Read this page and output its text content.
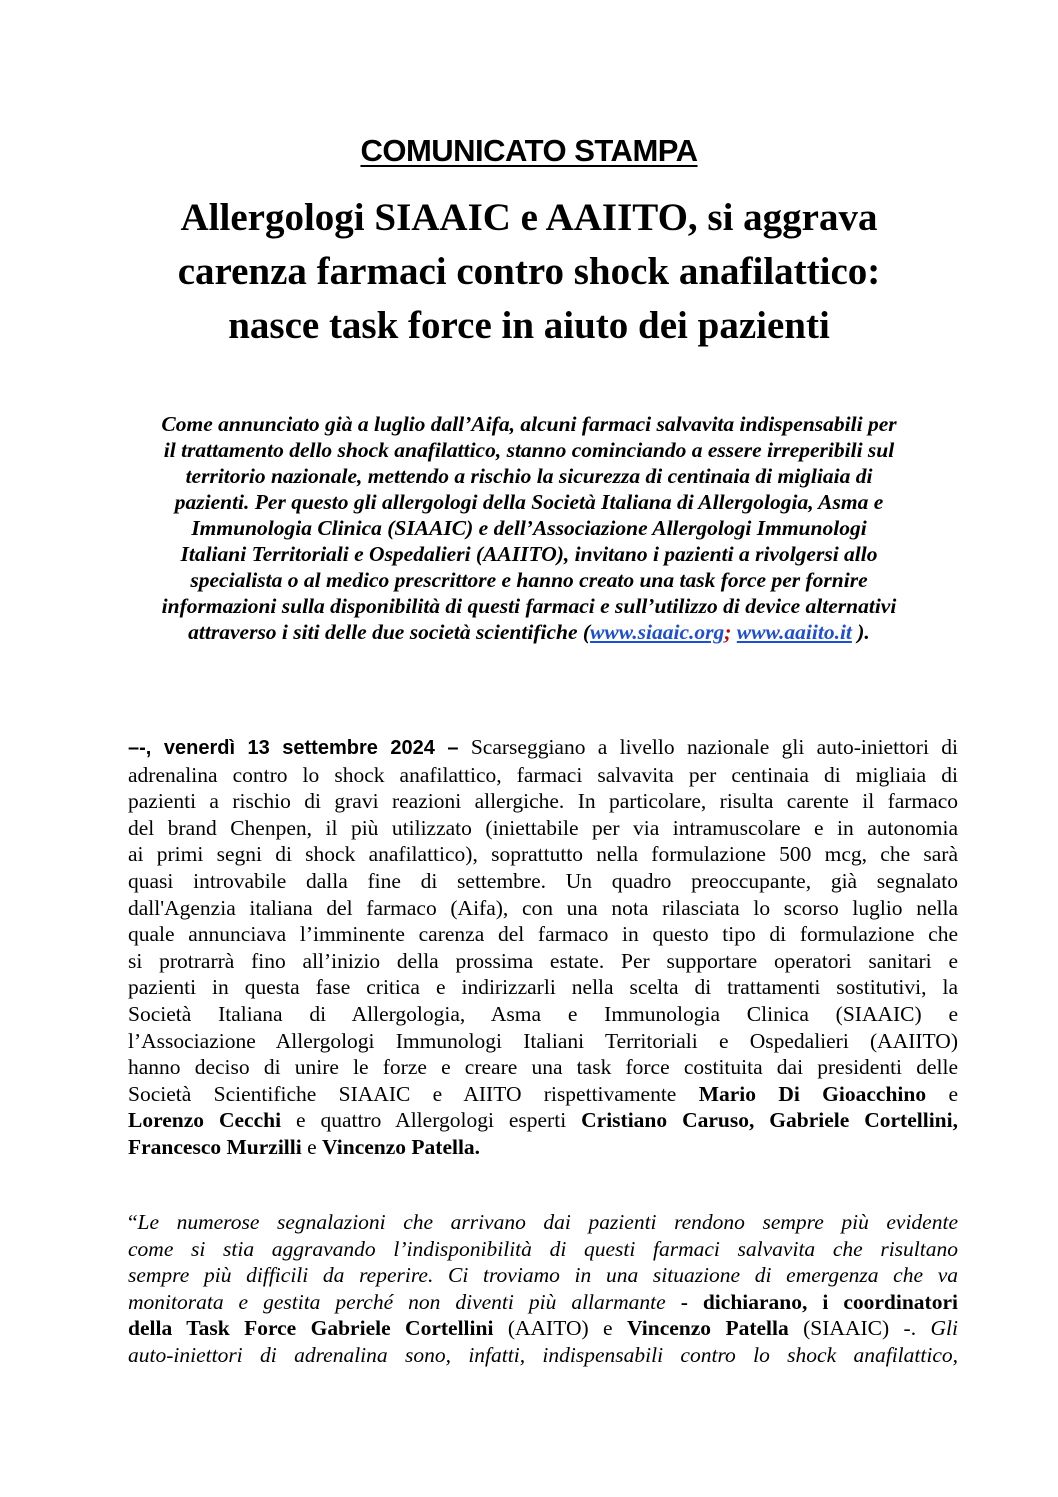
COMUNICATO STAMPA
Allergologi SIAAIC e AAIITO, si aggrava
carenza farmaci contro shock anafilattico:
nasce task force in aiuto dei pazienti
Come annunciato già a luglio dall’Aifa, alcuni farmaci salvavita indispensabili per
il trattamento dello shock anafilattico, stanno cominciando a essere irreperibili sul
territorio nazionale, mettendo a rischio la sicurezza di centinaia di migliaia di
pazienti. Per questo gli allergologi della Società Italiana di Allergologia, Asma e
Immunologia Clinica (SIAAIC) e dell’Associazione Allergologi Immunologi
Italiani Territoriali e Ospedalieri (AAIITO), invitano i pazienti a rivolgersi allo
specialista o al medico prescrittore e hanno creato una task force per fornire
informazioni sulla disponibilità di questi farmaci e sull’utilizzo di device alternativi
attraverso i siti delle due società scientifiche (www.siaaic.org; www.aaiito.it ).
–-, venerdì 13 settembre 2024 – Scarseggiano a livello nazionale gli auto-iniettori di
adrenalina contro lo shock anafilattico, farmaci salvavita per centinaia di migliaia di
pazienti a rischio di gravi reazioni allergiche. In particolare, risulta carente il farmaco
del brand Chenpen, il più utilizzato (iniettabile per via intramuscolare e in autonomia
ai primi segni di shock anafilattico), soprattutto nella formulazione 500 mcg, che sarà
quasi introvabile dalla fine di settembre. Un quadro preoccupante, già segnalato
dall'Agenzia italiana del farmaco (Aifa), con una nota rilasciata lo scorso luglio nella
quale annunciava l’imminente carenza del farmaco in questo tipo di formulazione che
si protrarrà fino all’inizio della prossima estate. Per supportare operatori sanitari e
pazienti in questa fase critica e indirizzarli nella scelta di trattamenti sostitutivi, la
Società Italiana di Allergologia, Asma e Immunologia Clinica (SIAAIC) e
l’Associazione Allergologi Immunologi Italiani Territoriali e Ospedalieri (AAIITO)
hanno deciso di unire le forze e creare una task force costituita dai presidenti delle
Società Scientifiche SIAAIC e AIITO rispettivamente Mario Di Gioacchino e
Lorenzo Cecchi e quattro Allergologi esperti Cristiano Caruso, Gabriele Cortellini,
Francesco Murzilli e Vincenzo Patella.
“Le numerose segnalazioni che arrivano dai pazienti rendono sempre più evidente
come si stia aggravando l’indisponibilità di questi farmaci salvavita che risultano
sempre più difficili da reperire. Ci troviamo in una situazione di emergenza che va
monitorata e gestita perché non diventi più allarmante - dichiarano, i coordinatori
della Task Force Gabriele Cortellini (AAITO) e Vincenzo Patella (SIAAIC) -. Gli
auto-iniettori di adrenalina sono, infatti, indispensabili contro lo shock anafilattico,
